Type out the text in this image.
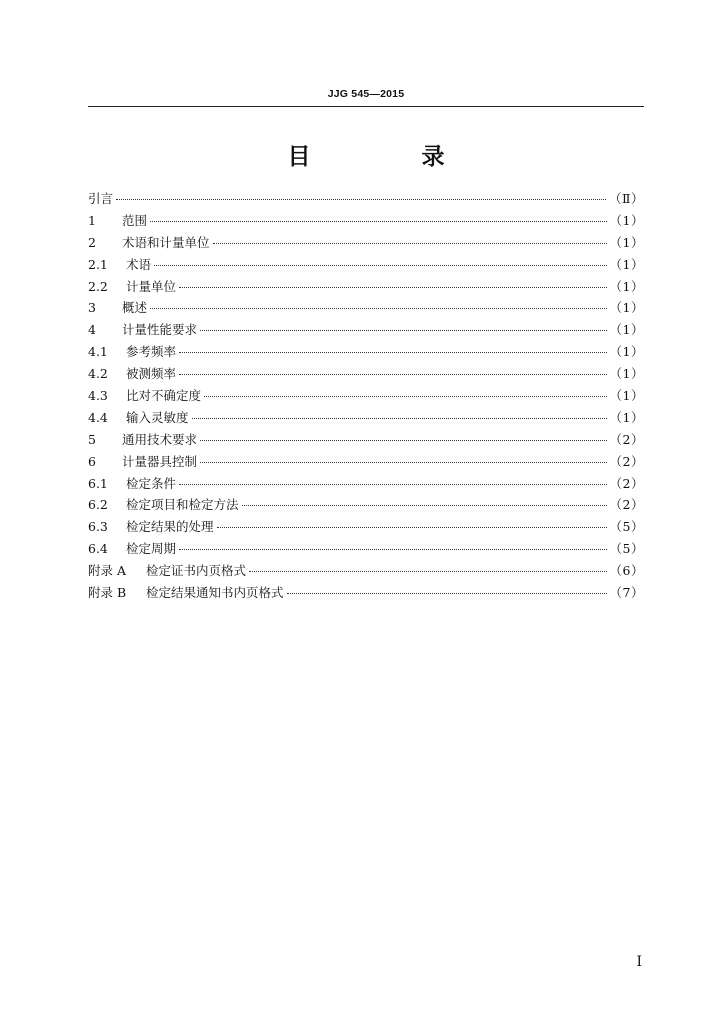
JJG 545—2015
目　录
引言	（Ⅱ）
1	范围	（1）
2	术语和计量单位	（1）
2.1	术语	（1）
2.2	计量单位	（1）
3	概述	（1）
4	计量性能要求	（1）
4.1	参考频率	（1）
4.2	被测频率	（1）
4.3	比对不确定度	（1）
4.4	输入灵敏度	（1）
5	通用技术要求	（2）
6	计量器具控制	（2）
6.1	检定条件	（2）
6.2	检定项目和检定方法	（2）
6.3	检定结果的处理	（5）
6.4	检定周期	（5）
附录 A	检定证书内页格式	（6）
附录 B	检定结果通知书内页格式	（7）
I
